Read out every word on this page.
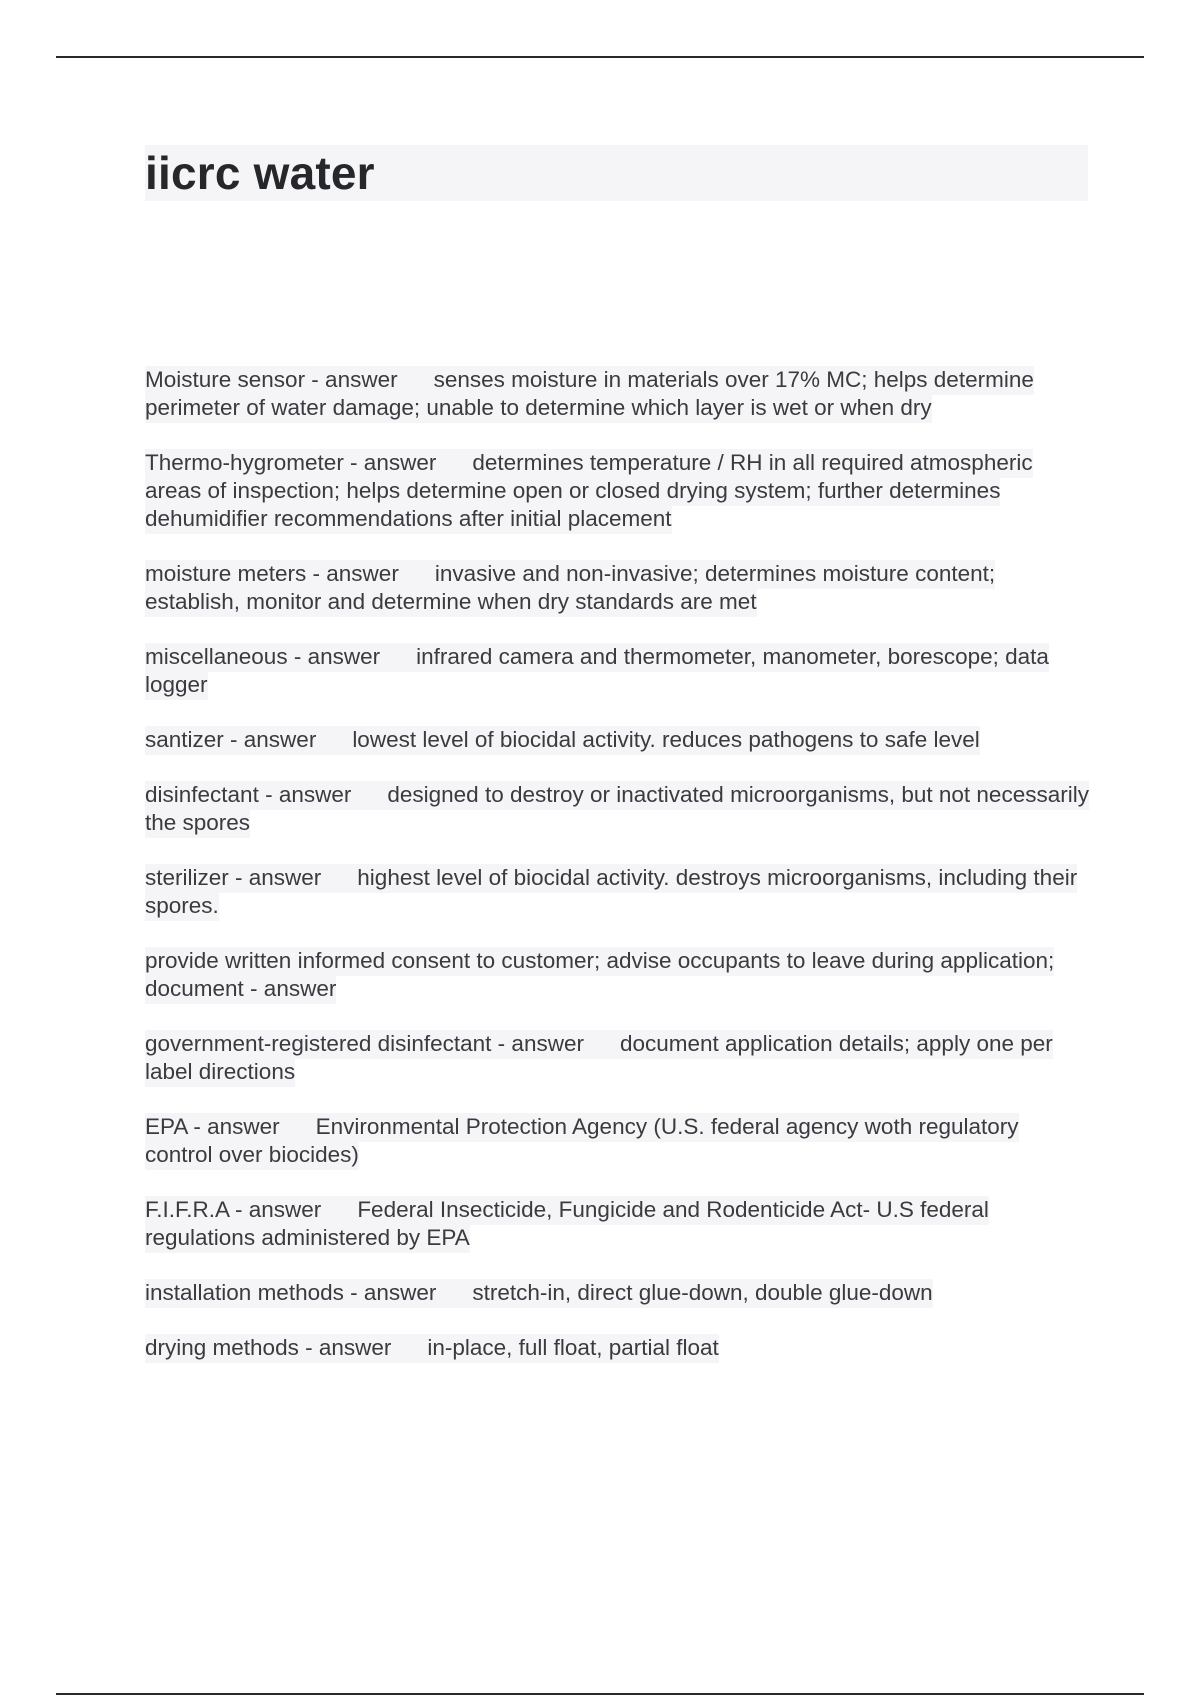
iicrc water

Moisture sensor - answer senses moisture in materials over 17% MC; helps determine perimeter of water damage; unable to determine which layer is wet or when dry

Thermo-hygrometer - answer determines temperature / RH in all required atmospheric areas of inspection; helps determine open or closed drying system; further determines dehumidifier recommendations after initial placement

moisture meters - answer invasive and non-invasive; determines moisture content; establish, monitor and determine when dry standards are met

miscellaneous - answer infrared camera and thermometer, manometer, borescope; data logger

santizer - answer lowest level of biocidal activity. reduces pathogens to safe level

disinfectant - answer designed to destroy or inactivated microorganisms, but not necessarily the spores

sterilizer - answer highest level of biocidal activity. destroys microorganisms, including their spores.

provide written informed consent to customer; advise occupants to leave during application; document - answer

government-registered disinfectant - answer document application details; apply one per label directions

EPA - answer Environmental Protection Agency (U.S. federal agency woth regulatory control over biocides)

F.I.F.R.A - answer Federal Insecticide, Fungicide and Rodenticide Act- U.S federal regulations administered by EPA

installation methods - answer stretch-in, direct glue-down, double glue-down

drying methods - answer in-place, full float, partial float
